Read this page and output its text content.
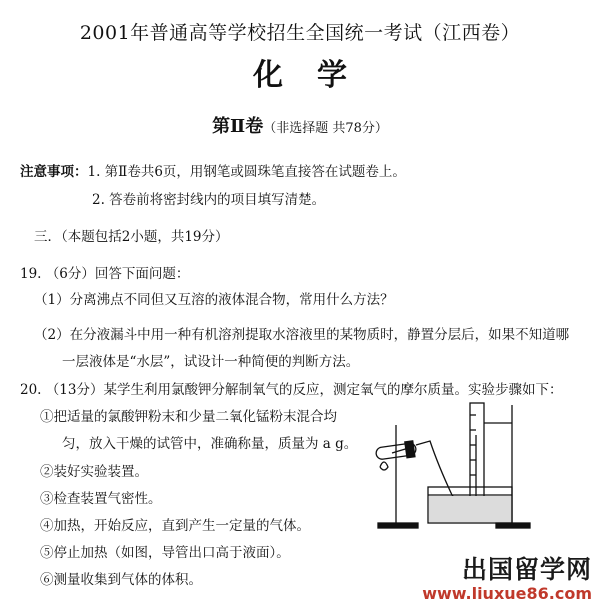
2001年普通高等学校招生全国统一考试（江西卷）
化学
第Ⅱ卷（非选择题 共78分）
注意事项：1. 第Ⅱ卷共6页，用钢笔或圆珠笔直接答在试题卷上。
2. 答卷前将密封线内的项目填写清楚。
三．（本题包括2小题，共19分）
19. （6分）回答下面问题：
（1）分离沸点不同但又互溶的液体混合物，常用什么方法？
（2）在分液漏斗中用一种有机溶剂提取水溶液里的某物质时，静置分层后，如果不知道哪
一层液体是“水层”，试设计一种简便的判断方法。
20. （13分）某学生利用氯酸钾分解制氧气的反应，测定氧气的摩尔质量。实验步骤如下：
①把适量的氯酸钾粉末和少量二氧化锰粉末混合均
匀，放入干燥的试管中，准确称量，质量为 a g。
②装好实验装置。
③检查装置气密性。
④加热，开始反应，直到产生一定量的气体。
⑤停止加热（如图，导管出口高于液面）。
⑥测量收集到气体的体积。	出国留学网
www.liuxue86.com
